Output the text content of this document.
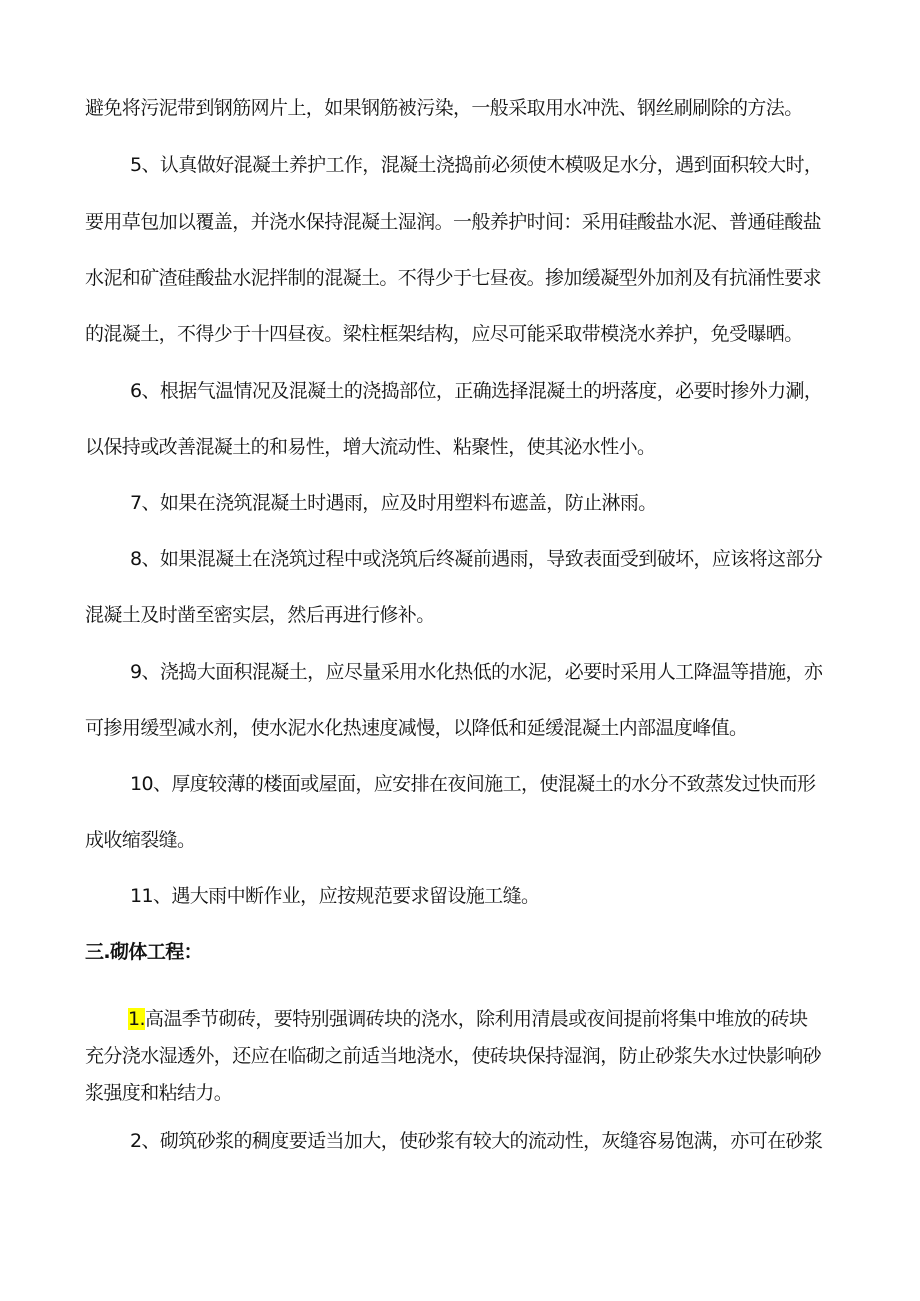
避免将污泥带到钢筋网片上，如果钢筋被污染，一般采取用水冲洗、钢丝刷刷除的方法。
5、认真做好混凝土养护工作，混凝土浇捣前必须使木模吸足水分，遇到面积较大时，
要用草包加以覆盖，并浇水保持混凝土湿润。一般养护时间：采用硅酸盐水泥、普通硅酸盐
水泥和矿渣硅酸盐水泥拌制的混凝土。不得少于七昼夜。掺加缓凝型外加剂及有抗涌性要求
的混凝土，不得少于十四昼夜。梁柱框架结构，应尽可能采取带模浇水养护，免受曝晒。
6、根据气温情况及混凝土的浇捣部位，正确选择混凝土的坍落度，必要时掺外力涮，
以保持或改善混凝土的和易性，增大流动性、粘聚性，使其泌水性小。
7、如果在浇筑混凝土时遇雨，应及时用塑料布遮盖，防止淋雨。
8、如果混凝土在浇筑过程中或浇筑后终凝前遇雨，导致表面受到破坏，应该将这部分
混凝土及时凿至密实层，然后再进行修补。
9、浇捣大面积混凝土，应尽量采用水化热低的水泥，必要时采用人工降温等措施，亦
可掺用缓型减水剂，使水泥水化热速度减慢，以降低和延缓混凝土内部温度峰值。
10、厚度较薄的楼面或屋面，应安排在夜间施工，使混凝土的水分不致蒸发过快而形
成收缩裂缝。
11、遇大雨中断作业，应按规范要求留设施工缝。
三.砌体工程：
1.高温季节砌砖，要特别强调砖块的浇水，除利用清晨或夜间提前将集中堆放的砖块
充分浇水湿透外，还应在临砌之前适当地浇水，使砖块保持湿润，防止砂浆失水过快影响砂
浆强度和粘结力。
2、砌筑砂浆的稠度要适当加大，使砂浆有较大的流动性，灰缝容易饱满，亦可在砂浆
